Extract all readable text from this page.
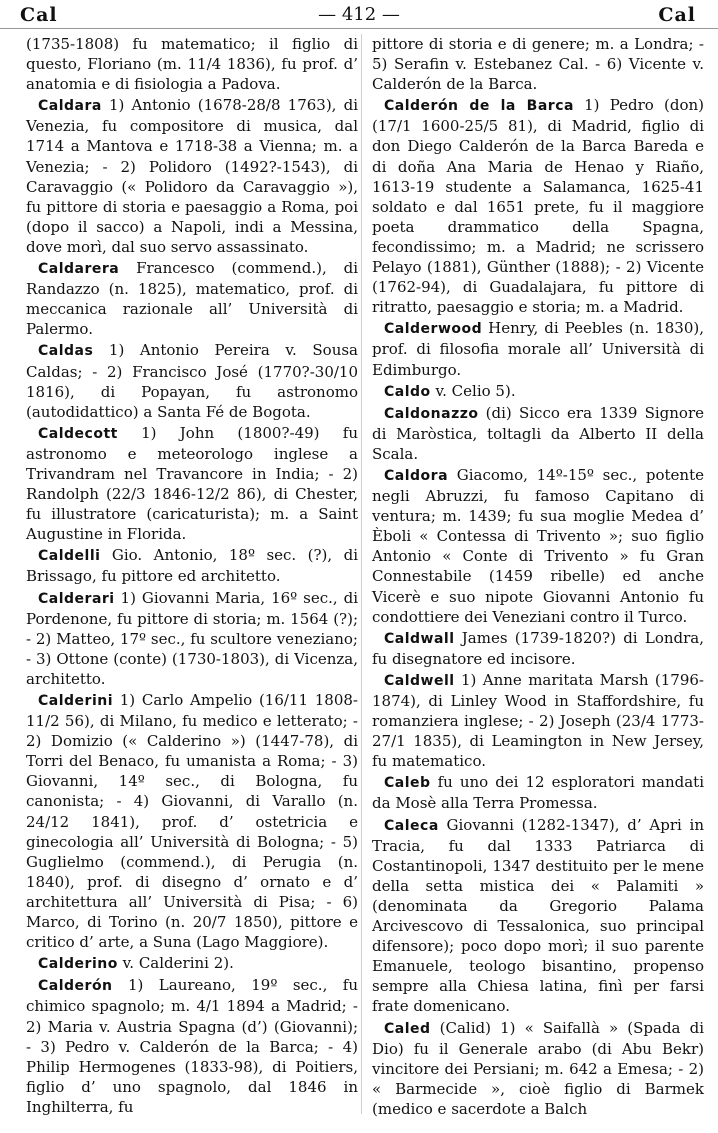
Cal	— 412 —	Cal

(1735-1808) fu matematico; il figlio di questo, Floriano (m. 11/4 1836), fu prof. d’ anatomia e di fisiologia a Padova.

Caldara 1) Antonio (1678-28/8 1763), di Venezia, fu compositore di musica, dal 1714 a Mantova e 1718-38 a Vienna; m. a Venezia; - 2) Polidoro (1492?-1543), di Caravaggio (« Polidoro da Caravaggio »), fu pittore di storia e paesaggio a Roma, poi (dopo il sacco) a Napoli, indi a Messina, dove morì, dal suo servo assassinato.

Caldarera Francesco (commend.), di Randazzo (n. 1825), matematico, prof. di meccanica razionale all’ Università di Palermo.

Caldas 1) Antonio Pereira v. Sousa Caldas; - 2) Francisco José (1770?-30/10 1816), di Popayan, fu astronomo (autodidattico) a Santa Fé de Bogota.

Caldecott 1) John (1800?-49) fu astronomo e meteorologo inglese a Trivandram nel Travancore in India; - 2) Randolph (22/3 1846-12/2 86), di Chester, fu illustratore (caricaturista); m. a Saint Augustine in Florida.

Caldelli Gio. Antonio, 18º sec. (?), di Brissago, fu pittore ed architetto.

Calderari 1) Giovanni Maria, 16º sec., di Pordenone, fu pittore di storia; m. 1564 (?); - 2) Matteo, 17º sec., fu scultore veneziano; - 3) Ottone (conte) (1730-1803), di Vicenza, architetto.

Calderini 1) Carlo Ampelio (16/11 1808-11/2 56), di Milano, fu medico e letterato; - 2) Domizio (« Calderino ») (1447-78), di Torri del Benaco, fu umanista a Roma; - 3) Giovanni, 14º sec., di Bologna, fu canonista; - 4) Giovanni, di Varallo (n. 24/12 1841), prof. d’ ostetricia e ginecologia all’ Università di Bologna; - 5) Guglielmo (commend.), di Perugia (n. 1840), prof. di disegno d’ ornato e d’ architettura all’ Università di Pisa; - 6) Marco, di Torino (n. 20/7 1850), pittore e critico d’ arte, a Suna (Lago Maggiore).

Calderino v. Calderini 2).

Calderón 1) Laureano, 19º sec., fu chimico spagnolo; m. 4/1 1894 a Madrid; - 2) Maria v. Austria Spagna (d’) (Giovanni); - 3) Pedro v. Calderón de la Barca; - 4) Philip Hermogenes (1833-98), di Poitiers, figlio d’ uno spagnolo, dal 1846 in Inghilterra, fu

pittore di storia e di genere; m. a Londra; - 5) Serafin v. Estebanez Cal. - 6) Vicente v. Calderón de la Barca.

Calderón de la Barca 1) Pedro (don) (17/1 1600-25/5 81), di Madrid, figlio di don Diego Calderón de la Barca Bareda e di doña Ana Maria de Henao y Riaño, 1613-19 studente a Salamanca, 1625-41 soldato e dal 1651 prete, fu il maggiore poeta drammatico della Spagna, fecondissimo; m. a Madrid; ne scrissero Pelayo (1881), Günther (1888); - 2) Vicente (1762-94), di Guadalajara, fu pittore di ritratto, paesaggio e storia; m. a Madrid.

Calderwood Henry, di Peebles (n. 1830), prof. di filosofia morale all’ Università di Edimburgo.

Caldo v. Celio 5).

Caldonazzo (di) Sicco era 1339 Signore di Maròstica, toltagli da Alberto II della Scala.

Caldora Giacomo, 14º-15º sec., potente negli Abruzzi, fu famoso Capitano di ventura; m. 1439; fu sua moglie Medea d’ Èboli « Contessa di Trivento »; suo figlio Antonio « Conte di Trivento » fu Gran Connestabile (1459 ribelle) ed anche Vicerè e suo nipote Giovanni Antonio fu condottiere dei Veneziani contro il Turco.

Caldwall James (1739-1820?) di Londra, fu disegnatore ed incisore.

Caldwell 1) Anne maritata Marsh (1796-1874), di Linley Wood in Staffordshire, fu romanziera inglese; - 2) Joseph (23/4 1773-27/1 1835), di Leamington in New Jersey, fu matematico.

Caleb fu uno dei 12 esploratori mandati da Mosè alla Terra Promessa.

Caleca Giovanni (1282-1347), d’ Apri in Tracia, fu dal 1333 Patriarca di Costantinopoli, 1347 destituito per le mene della setta mistica dei « Palamiti » (denominata da Gregorio Palama Arcivescovo di Tessalonica, suo principal difensore); poco dopo morì; il suo parente Emanuele, teologo bisantino, propenso sempre alla Chiesa latina, finì per farsi frate domenicano.

Caled (Calid) 1) « Saifallà » (Spada di Dio) fu il Generale arabo (di Abu Bekr) vincitore dei Persiani; m. 642 a Emesa; - 2) « Barmecide », cioè figlio di Barmek (medico e sacerdote a Balch
